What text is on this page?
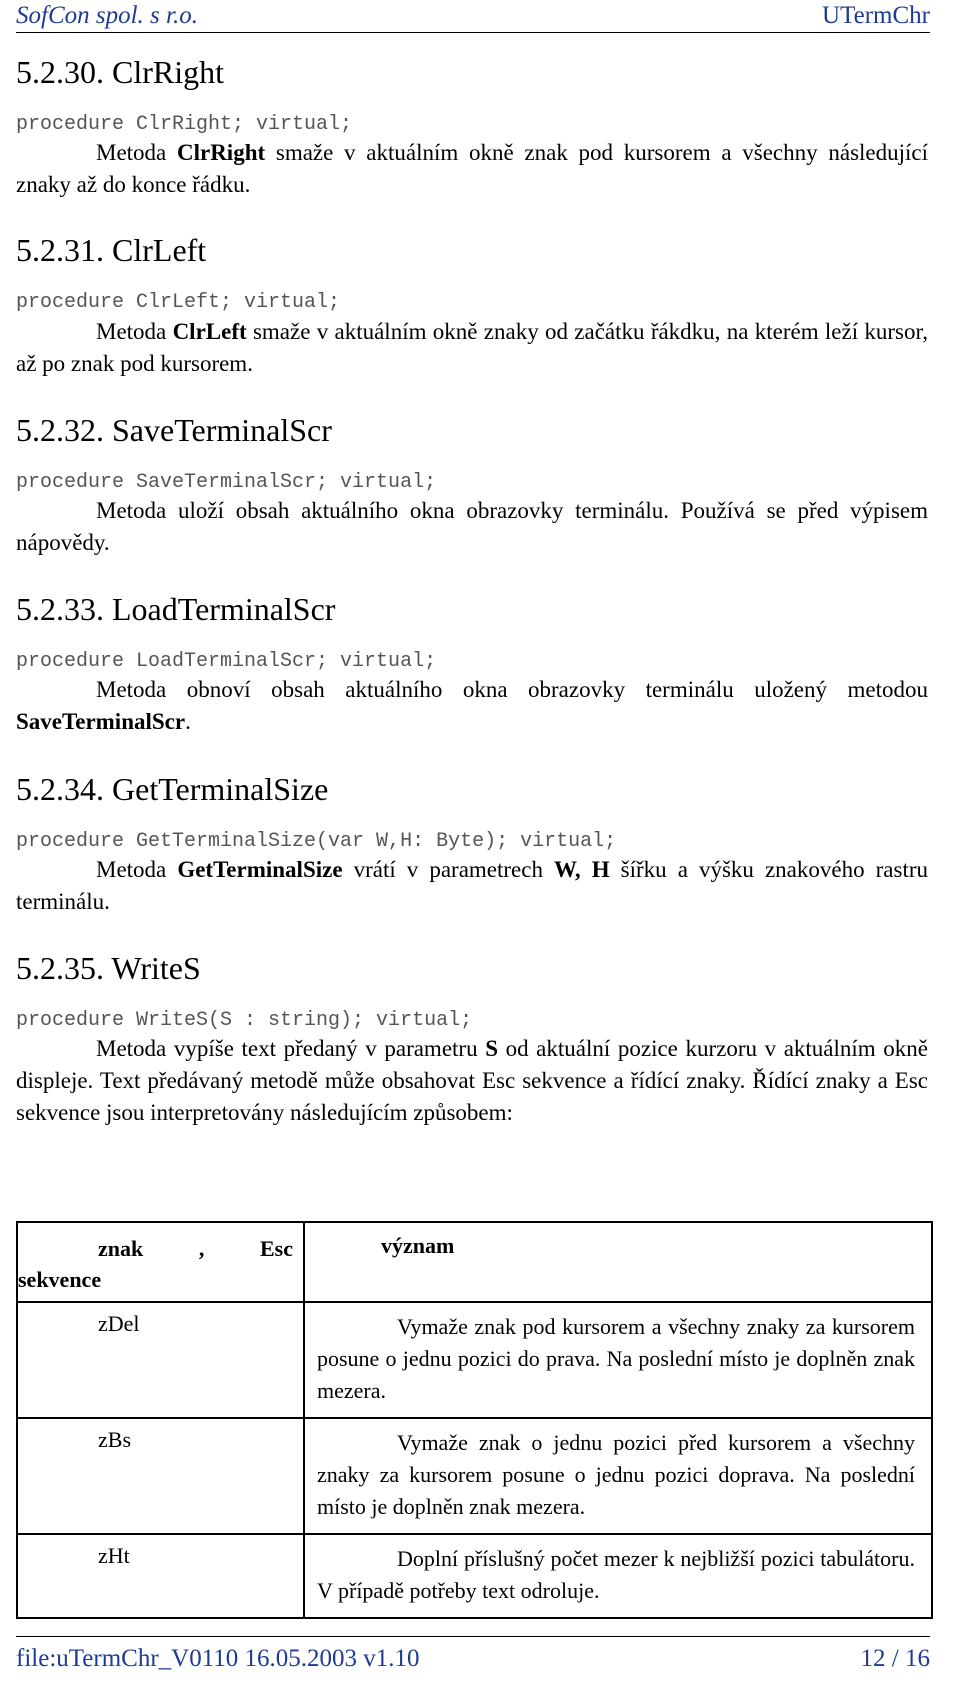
SofCon spol. s r.o.	UTermChr
5.2.30. ClrRight
procedure ClrRight; virtual;
Metoda ClrRight smaže v aktuálním okně znak pod kursorem a všechny následující znaky až do konce řádku.
5.2.31. ClrLeft
procedure ClrLeft; virtual;
Metoda ClrLeft smaže v aktuálním okně znaky od začátku řákdku, na kterém leží kursor, až po znak pod kursorem.
5.2.32. SaveTerminalScr
procedure SaveTerminalScr; virtual;
Metoda uloží obsah aktuálního okna obrazovky terminálu. Používá se před výpisem nápovědy.
5.2.33. LoadTerminalScr
procedure LoadTerminalScr; virtual;
Metoda obnoví obsah aktuálního okna obrazovky terminálu uložený metodou SaveTerminalScr.
5.2.34. GetTerminalSize
procedure GetTerminalSize(var W,H: Byte); virtual;
Metoda GetTerminalSize vrátí v parametrech W, H šířku a výšku znakového rastru terminálu.
5.2.35. WriteS
procedure WriteS(S : string); virtual;
Metoda vypíše text předaný v parametru S od aktuální pozice kurzoru v aktuálním okně displeje. Text předávaný metodě může obsahovat Esc sekvence a řídící znaky. Řídící znaky a Esc sekvence jsou interpretovány následujícím způsobem:
znak , Esc
sekvence	význam

zDel	Vymaže znak pod kursorem a všechny znaky za kursorem posune o jednu pozici do prava. Na poslední místo je doplněn znak mezera.

zBs	Vymaže znak o jednu pozici před kursorem a všechny znaky za kursorem posune o jednu pozici doprava. Na poslední místo je doplněn znak mezera.

zHt	Doplní příslušný počet mezer k nejbližší pozici tabulátoru. V případě potřeby text odroluje.
file:uTermChr_V0110 16.05.2003 v1.10	12 / 16
